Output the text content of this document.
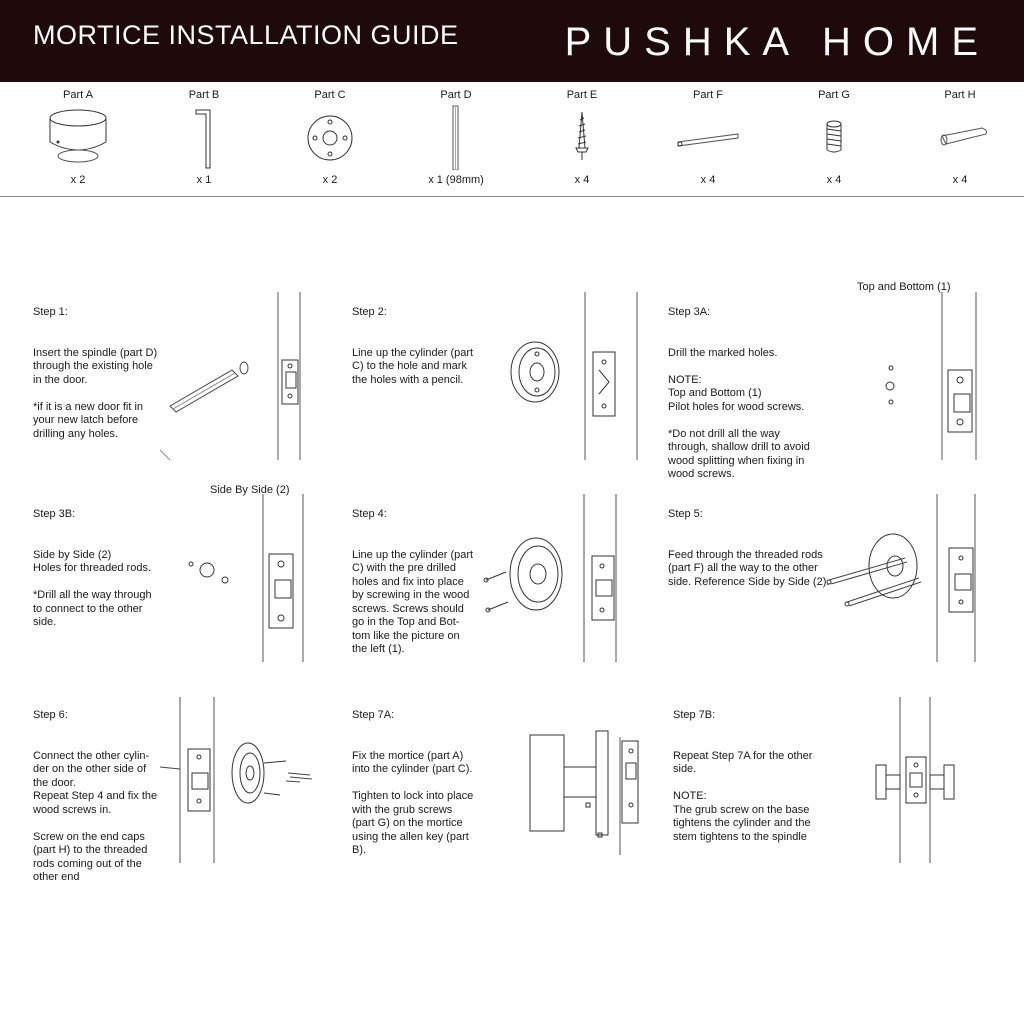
MORTICE INSTALLATION GUIDE	PUSHKA HOME
Part A
x 2
Part B
x 1
Part C
x 2
Part D
x 1 (98mm)
Part E
x 4
Part F
x 4
Part G
x 4
Part H
x 4
Top and Bottom (1)
Side By Side (2)

Step 1:

Insert the spindle (part D)
through the existing hole
in the door.

*if it is a new door fit in
your new latch before
drilling any holes.

Step 2:

Line up the cylinder (part
C) to the hole and mark
the holes with a pencil.

Step 3A:

Drill the marked holes.

NOTE:
Top and Bottom (1)
Pilot holes for wood screws.

*Do not drill all the way
through, shallow drill to avoid
wood splitting when fixing in
wood screws.

Step 3B:

Side by Side (2)
Holes for threaded rods.

*Drill all the way through
to connect to the other
side.

Step 4:

Line up the cylinder (part
C) with the pre drilled
holes and fix into place
by screwing in the wood
screws. Screws should
go in the Top and Bot-
tom like the picture on
the left (1).

Step 5:

Feed through the threaded rods
(part F) all the way to the other
side. Reference Side by Side (2).

Step 6:

Connect the other cylin-
der on the other side of
the door.
Repeat Step 4 and fix the
wood screws in.

Screw on the end caps
(part H) to the threaded
rods coming out of the
other end

Step 7A:

Fix the mortice (part A)
into the cylinder (part C).

Tighten to lock into place
with the grub screws
(part G) on the mortice
using the allen key (part
B).

Step 7B:

Repeat Step 7A for the other
side.

NOTE:
The grub screw on the base
tightens the cylinder and the
stem tightens to the spindle
